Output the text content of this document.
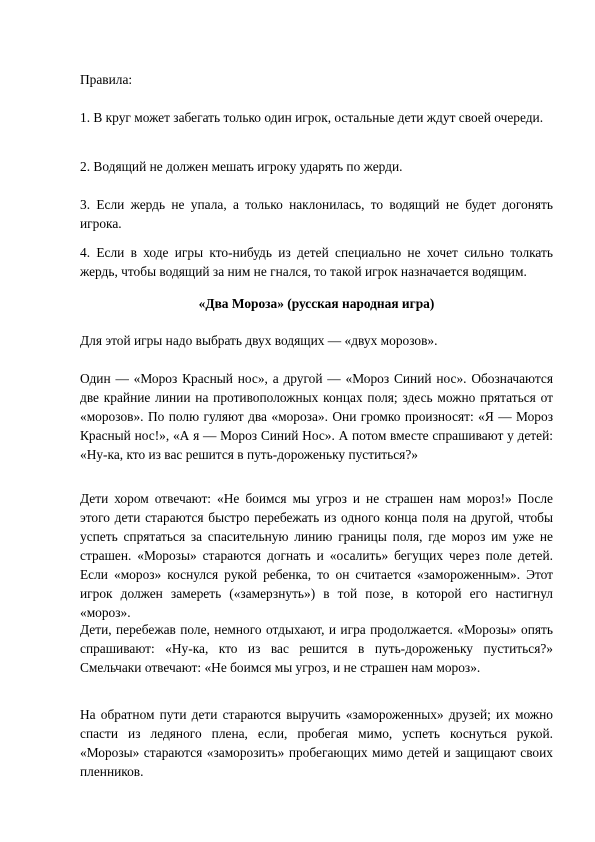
Правила:

1. В круг может забегать только один игрок, остальные дети ждут своей очереди.

2. Водящий не должен мешать игроку ударять по жерди.

3. Если жердь не упала, а только наклонилась, то водящий не будет догонять игрока.

4. Если в ходе игры кто-нибудь из детей специально не хочет сильно толкать жердь, чтобы водящий за ним не гнался, то такой игрок назначается водящим.

«Два Мороза» (русская народная игра)

Для этой игры надо выбрать двух водящих — «двух морозов».

Один — «Мороз Красный нос», а другой — «Мороз Синий нос». Обозначаются две крайние линии на противоположных концах поля; здесь можно прятаться от «морозов». По полю гуляют два «мороза». Они громко произносят: «Я — Мороз Красный нос!», «А я — Мороз Синий Нос». А потом вместе спрашивают у детей: «Ну-ка, кто из вас решится в путь-дороженьку пуститься?»

Дети хором отвечают: «Не боимся мы угроз и не страшен нам мороз!» После этого дети стараются быстро перебежать из одного конца поля на другой, чтобы успеть спрятаться за спасительную линию границы поля, где мороз им уже не страшен. «Морозы» стараются догнать и «осалить» бегущих через поле детей. Если «мороз» коснулся рукой ребенка, то он считается «замороженным». Этот игрок должен замереть («замерзнуть») в той позе, в которой его настигнул «мороз».

Дети, перебежав поле, немного отдыхают, и игра продолжается. «Морозы» опять спрашивают: «Ну-ка, кто из вас решится в путь-дороженьку пуститься?» Смельчаки отвечают: «Не боимся мы угроз, и не страшен нам мороз».

На обратном пути дети стараются выручить «замороженных» друзей; их можно спасти из ледяного плена, если, пробегая мимо, успеть коснуться рукой. «Морозы» стараются «заморозить» пробегающих мимо детей и защищают своих пленников.
